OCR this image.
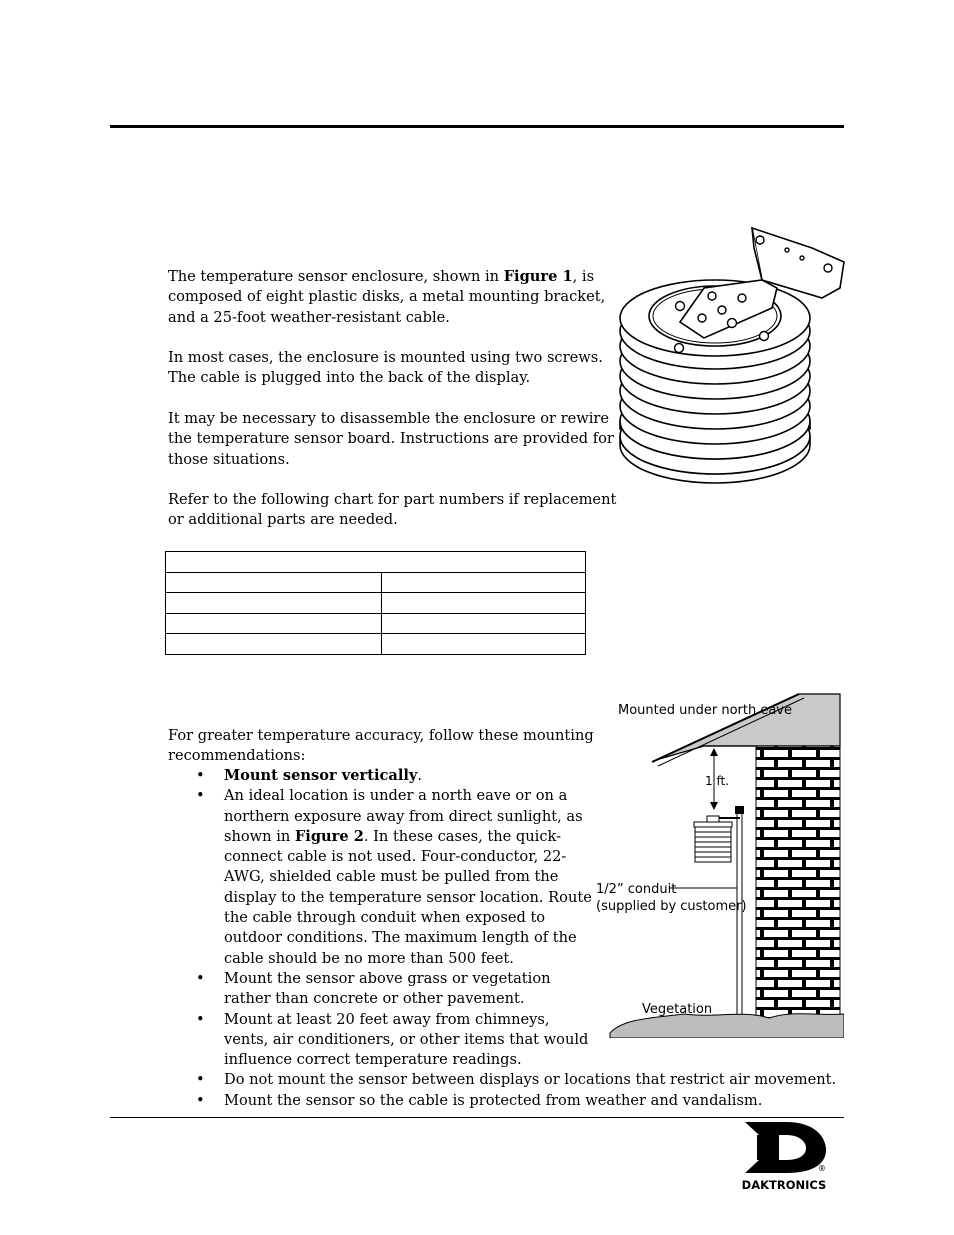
The temperature sensor enclosure, shown in Figure 1, is
composed of eight plastic disks, a metal mounting bracket,
and a 25-foot weather-resistant cable.

In most cases, the enclosure is mounted using two screws.
The cable is plugged into the back of the display.

It may be necessary to disassemble the enclosure or rewire
the temperature sensor board. Instructions are provided for
those situations.

Refer to the following chart for part numbers if replacement
or additional parts are needed.

For greater temperature accuracy, follow these mounting
recommendations:

• Mount sensor vertically.
• An ideal location is under a north eave or on a
northern exposure away from direct sunlight, as
shown in Figure 2. In these cases, the quick-
connect cable is not used. Four-conductor, 22-
AWG, shielded cable must be pulled from the
display to the temperature sensor location. Route
the cable through conduit when exposed to
outdoor conditions. The maximum length of the
cable should be no more than 500 feet.
• Mount the sensor above grass or vegetation
rather than concrete or other pavement.
• Mount at least 20 feet away from chimneys,
vents, air conditioners, or other items that would
influence correct temperature readings.
• Do not mount the sensor between displays or locations that restrict air movement.
• Mount the sensor so the cable is protected from weather and vandalism.
Mounted under north eave
1 ft.
1/2” conduit
(supplied by customer)
Vegetation
®
DAKTRONICS
